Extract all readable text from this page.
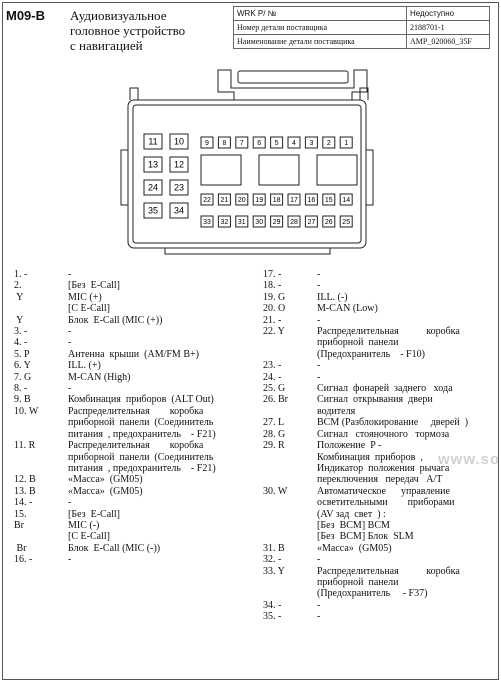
M09-B Аудиовизуальное
головное устройство
с навигацией
WRK P/ №	Недоступно
Номер детали поставщика	2188701-1
Наименование детали поставщика	AMP_020060_35F
11 10
13 12
24 23
35 34
9 8 7 6 5 4 3 2 1
22 21 20 19 18 17 16 15 14
33 32 31 30 29 28 27 26 25
1. -	-
2.	[Без  E-Call]
Y	MIC (+)
[C E-Call]
Y	Блок  E-Call (MIC (+))
3. -	-
4. -	-
5. P	Антенна  крыши  (AM/FM B+)
6. Y	ILL. (+)
7. G	M-CAN (High)
8. -	-
9. B	Комбинация  приборов  (ALT Out)
10. W	Распределительная        коробка
приборной  панели  (Соединитель
питания  , предохранитель    - F21)
11. R	Распределительная        коробка
приборной  панели  (Соединитель
питания  , предохранитель    - F21)
12. B	«Масса»  (GM05)
13. B	«Масса»  (GM05)
14. -	-
15.	[Без  E-Call]
Br	MIC (-)
[C E-Call]
Br	Блок  E-Call (MIC (-))
16. -	-
17. -	-
18. -	-
19. G	ILL. (-)
20. O	M-CAN (Low)
21. -	-
22. Y	Распределительная           коробка
приборной  панели
(Предохранитель    - F10)
23. -	-
24. -	-
25. G	Сигнал  фонарей  заднего   хода
26. Br	Сигнал  открывания  двери
водителя
27. L	BCM (Разблокирование     дверей  )
28. G	Сигнал   стояночного   тормоза
29. R	Положение  P -
Комбинация  приборов  ,
Индикатор  положения  рычага
переключения   передач   A/T
30. W	Автоматическое      управление
осветительными        приборами
(AV зад  свет  ) :
[Без  BCM] BCM
[Без  BCM] Блок  SLM
31. B	«Масса»  (GM05)
32. -	-
33. Y	Распределительная           коробка
приборной  панели
(Предохранитель     - F37)
34. -	-
35. -	-
www.so
